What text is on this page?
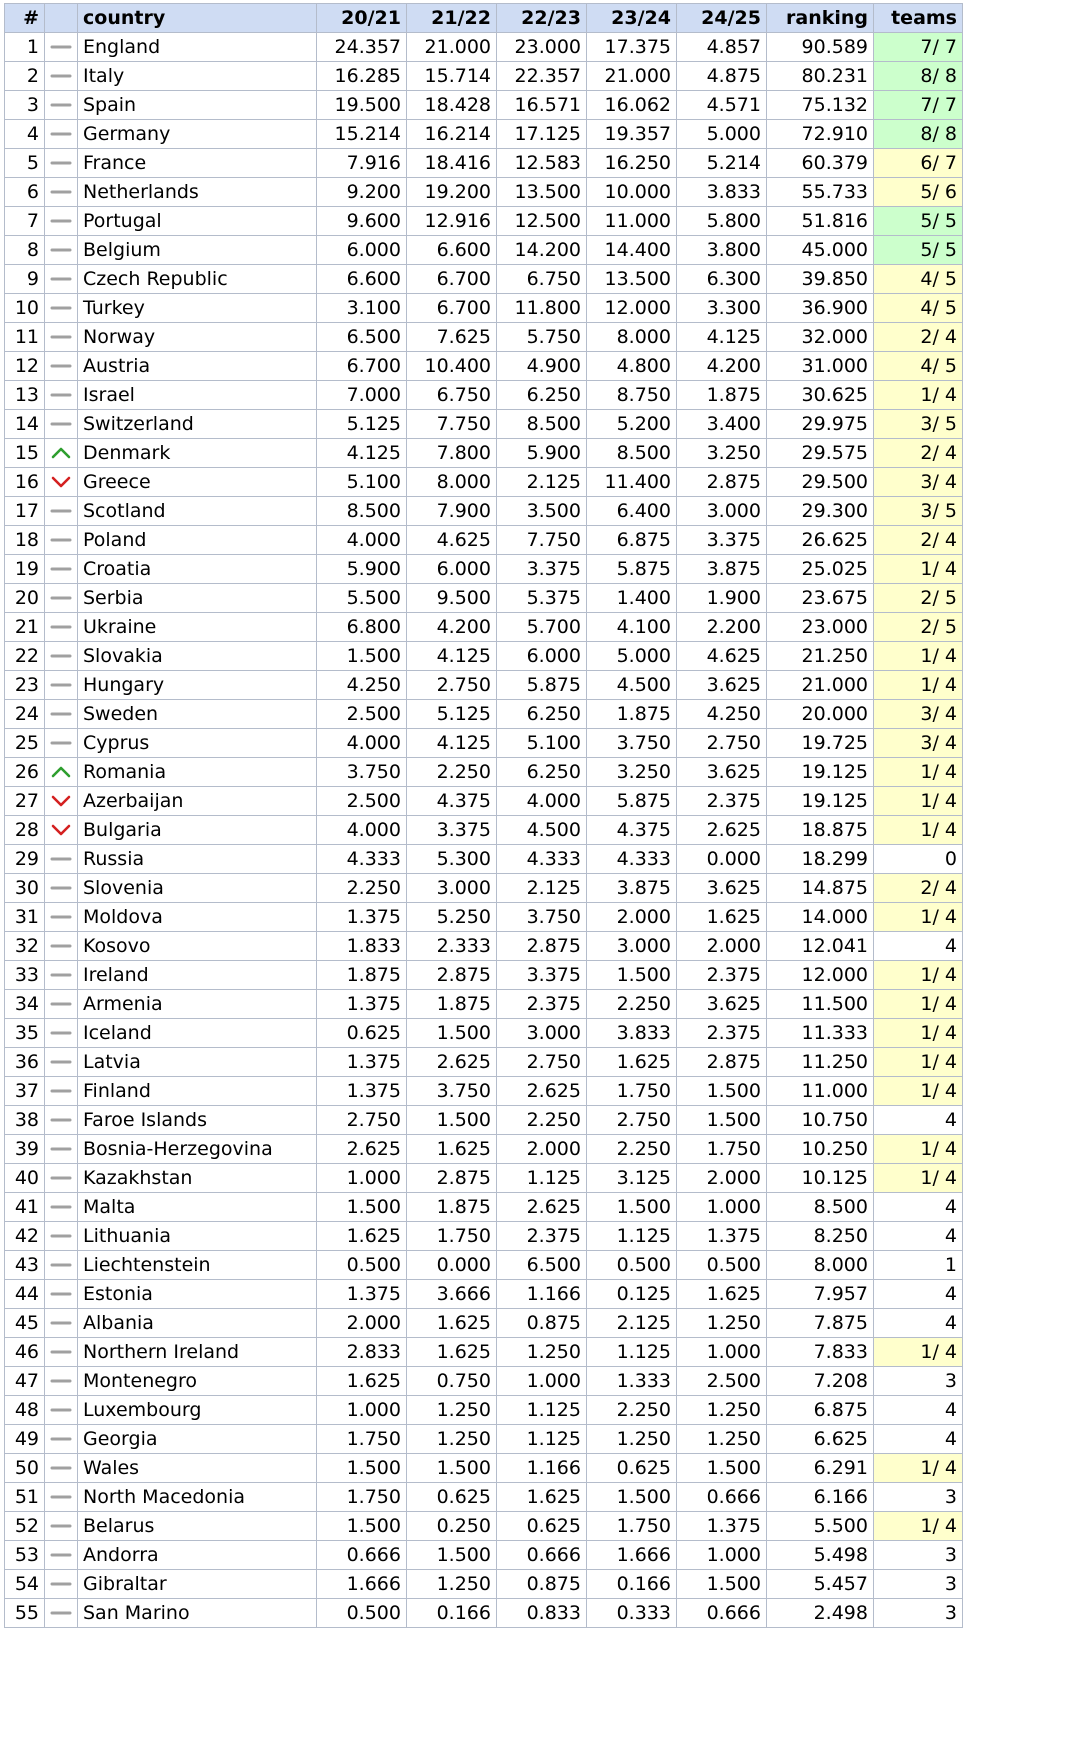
#		country	20/21	21/22	22/23	23/24	24/25	ranking	teams
1		England	24.357	21.000	23.000	17.375	4.857	90.589	7/ 7
2		Italy	16.285	15.714	22.357	21.000	4.875	80.231	8/ 8
3		Spain	19.500	18.428	16.571	16.062	4.571	75.132	7/ 7
4		Germany	15.214	16.214	17.125	19.357	5.000	72.910	8/ 8
5		France	7.916	18.416	12.583	16.250	5.214	60.379	6/ 7
6		Netherlands	9.200	19.200	13.500	10.000	3.833	55.733	5/ 6
7		Portugal	9.600	12.916	12.500	11.000	5.800	51.816	5/ 5
8		Belgium	6.000	6.600	14.200	14.400	3.800	45.000	5/ 5
9		Czech Republic	6.600	6.700	6.750	13.500	6.300	39.850	4/ 5
10		Turkey	3.100	6.700	11.800	12.000	3.300	36.900	4/ 5
11		Norway	6.500	7.625	5.750	8.000	4.125	32.000	2/ 4
12		Austria	6.700	10.400	4.900	4.800	4.200	31.000	4/ 5
13		Israel	7.000	6.750	6.250	8.750	1.875	30.625	1/ 4
14		Switzerland	5.125	7.750	8.500	5.200	3.400	29.975	3/ 5
15		Denmark	4.125	7.800	5.900	8.500	3.250	29.575	2/ 4
16		Greece	5.100	8.000	2.125	11.400	2.875	29.500	3/ 4
17		Scotland	8.500	7.900	3.500	6.400	3.000	29.300	3/ 5
18		Poland	4.000	4.625	7.750	6.875	3.375	26.625	2/ 4
19		Croatia	5.900	6.000	3.375	5.875	3.875	25.025	1/ 4
20		Serbia	5.500	9.500	5.375	1.400	1.900	23.675	2/ 5
21		Ukraine	6.800	4.200	5.700	4.100	2.200	23.000	2/ 5
22		Slovakia	1.500	4.125	6.000	5.000	4.625	21.250	1/ 4
23		Hungary	4.250	2.750	5.875	4.500	3.625	21.000	1/ 4
24		Sweden	2.500	5.125	6.250	1.875	4.250	20.000	3/ 4
25		Cyprus	4.000	4.125	5.100	3.750	2.750	19.725	3/ 4
26		Romania	3.750	2.250	6.250	3.250	3.625	19.125	1/ 4
27		Azerbaijan	2.500	4.375	4.000	5.875	2.375	19.125	1/ 4
28		Bulgaria	4.000	3.375	4.500	4.375	2.625	18.875	1/ 4
29		Russia	4.333	5.300	4.333	4.333	0.000	18.299	0
30		Slovenia	2.250	3.000	2.125	3.875	3.625	14.875	2/ 4
31		Moldova	1.375	5.250	3.750	2.000	1.625	14.000	1/ 4
32		Kosovo	1.833	2.333	2.875	3.000	2.000	12.041	4
33		Ireland	1.875	2.875	3.375	1.500	2.375	12.000	1/ 4
34		Armenia	1.375	1.875	2.375	2.250	3.625	11.500	1/ 4
35		Iceland	0.625	1.500	3.000	3.833	2.375	11.333	1/ 4
36		Latvia	1.375	2.625	2.750	1.625	2.875	11.250	1/ 4
37		Finland	1.375	3.750	2.625	1.750	1.500	11.000	1/ 4
38		Faroe Islands	2.750	1.500	2.250	2.750	1.500	10.750	4
39		Bosnia-Herzegovina	2.625	1.625	2.000	2.250	1.750	10.250	1/ 4
40		Kazakhstan	1.000	2.875	1.125	3.125	2.000	10.125	1/ 4
41		Malta	1.500	1.875	2.625	1.500	1.000	8.500	4
42		Lithuania	1.625	1.750	2.375	1.125	1.375	8.250	4
43		Liechtenstein	0.500	0.000	6.500	0.500	0.500	8.000	1
44		Estonia	1.375	3.666	1.166	0.125	1.625	7.957	4
45		Albania	2.000	1.625	0.875	2.125	1.250	7.875	4
46		Northern Ireland	2.833	1.625	1.250	1.125	1.000	7.833	1/ 4
47		Montenegro	1.625	0.750	1.000	1.333	2.500	7.208	3
48		Luxembourg	1.000	1.250	1.125	2.250	1.250	6.875	4
49		Georgia	1.750	1.250	1.125	1.250	1.250	6.625	4
50		Wales	1.500	1.500	1.166	0.625	1.500	6.291	1/ 4
51		North Macedonia	1.750	0.625	1.625	1.500	0.666	6.166	3
52		Belarus	1.500	0.250	0.625	1.750	1.375	5.500	1/ 4
53		Andorra	0.666	1.500	0.666	1.666	1.000	5.498	3
54		Gibraltar	1.666	1.250	0.875	0.166	1.500	5.457	3
55		San Marino	0.500	0.166	0.833	0.333	0.666	2.498	3
